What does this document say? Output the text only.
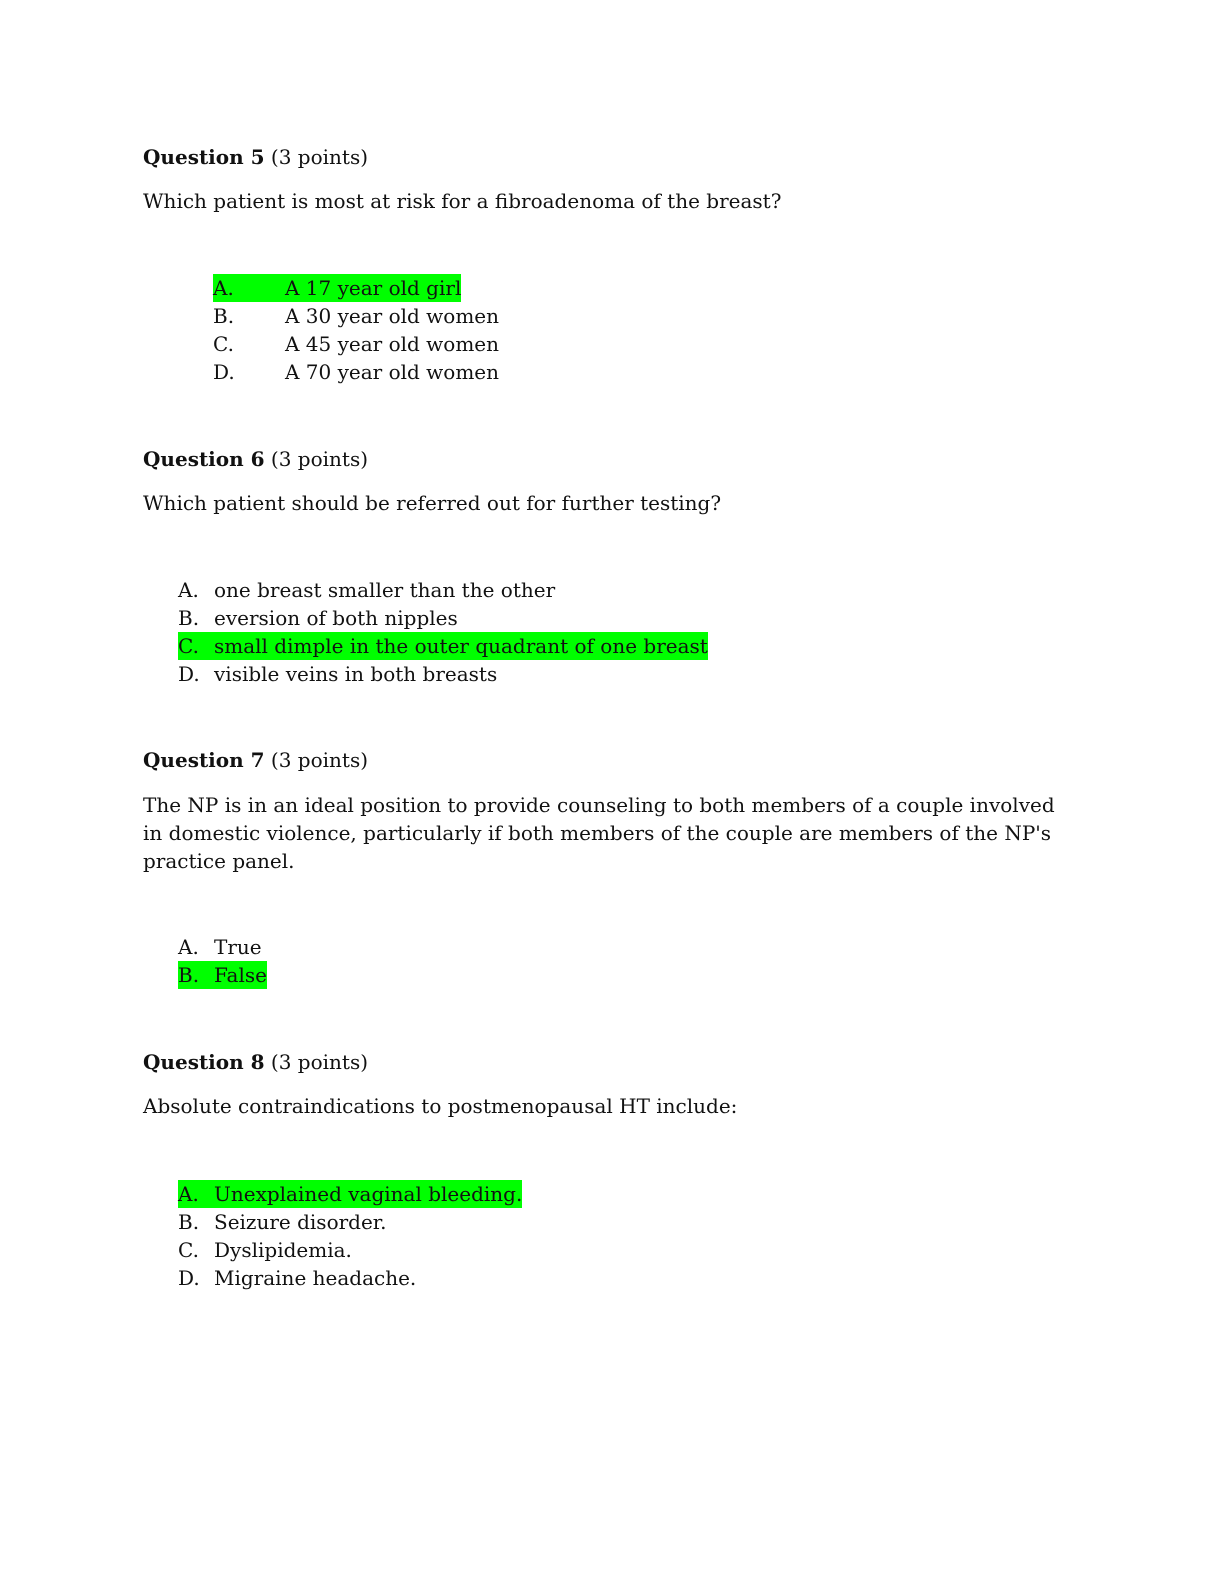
Question 5 (3 points)
Which patient is most at risk for a fibroadenoma of the breast?
A.	A 17 year old girl
B.	A 30 year old women
C.	A 45 year old women
D.	A 70 year old women
Question 6 (3 points)
Which patient should be referred out for further testing?
A. one breast smaller than the other
B. eversion of both nipples
C. small dimple in the outer quadrant of one breast
D. visible veins in both breasts
Question 7 (3 points)
The NP is in an ideal position to provide counseling to both members of a couple involved
in domestic violence, particularly if both members of the couple are members of the NP's
practice panel.
A. True
B. False
Question 8 (3 points)
Absolute contraindications to postmenopausal HT include:
A. Unexplained vaginal bleeding.
B. Seizure disorder.
C. Dyslipidemia.
D. Migraine headache.
